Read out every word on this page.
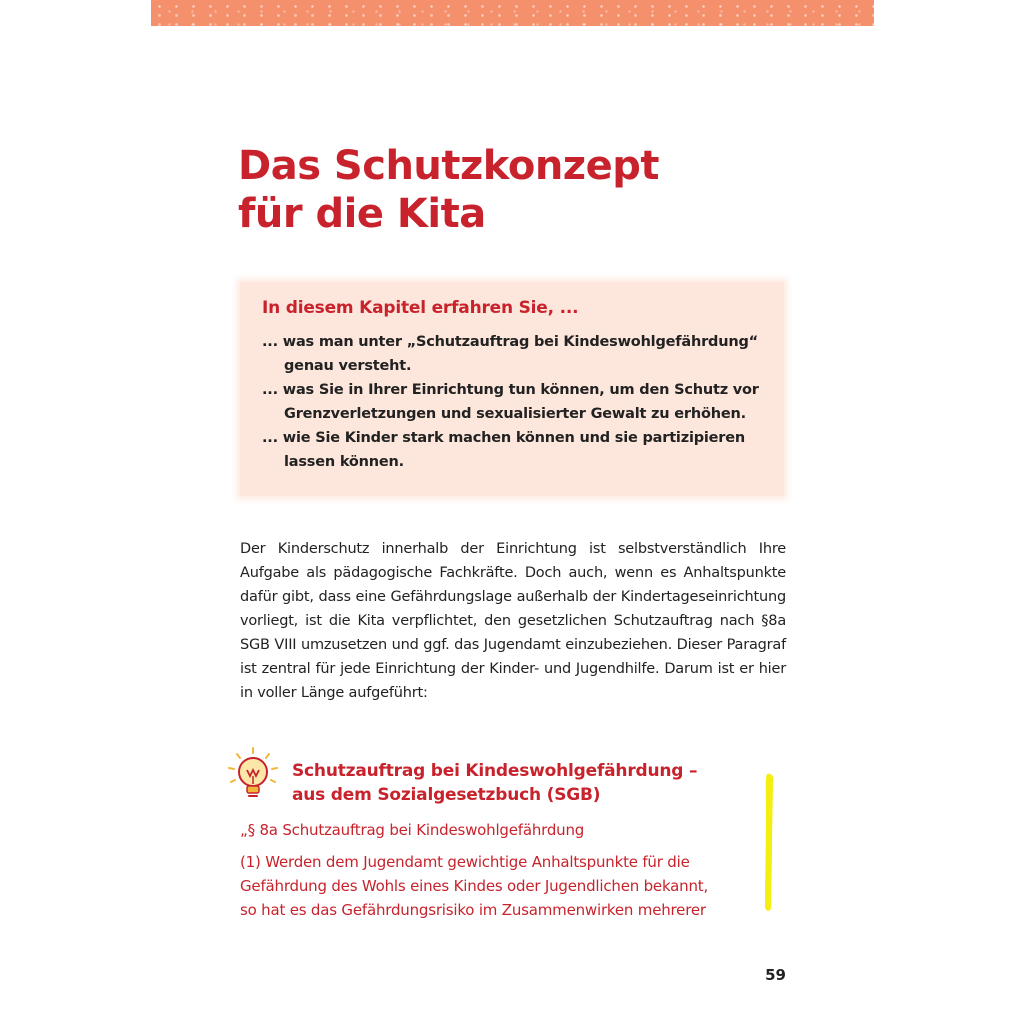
Das Schutzkonzept
für die Kita
In diesem Kapitel erfahren Sie, ...
... was man unter „Schutzauftrag bei Kindeswohlgefährdung“ genau versteht.
... was Sie in Ihrer Einrichtung tun können, um den Schutz vor Grenzverletzungen und sexualisierter Gewalt zu erhöhen.
... wie Sie Kinder stark machen können und sie partizipieren lassen können.

Der Kinderschutz innerhalb der Einrichtung ist selbstverständlich Ihre Aufgabe als pädagogische Fachkräfte. Doch auch, wenn es Anhaltspunkte dafür gibt, dass eine Gefährdungslage außerhalb der Kindertageseinrichtung vorliegt, ist die Kita verpflichtet, den gesetzlichen Schutzauftrag nach §8a SGB VIII umzusetzen und ggf. das Jugendamt einzubeziehen. Dieser Paragraf ist zentral für jede Einrichtung der Kinder- und Jugendhilfe. Darum ist er hier in voller Länge aufgeführt:

Schutzauftrag bei Kindeswohlgefährdung –
aus dem Sozialgesetzbuch (SGB)

„§ 8a Schutzauftrag bei Kindeswohlgefährdung

(1) Werden dem Jugendamt gewichtige Anhaltspunkte für die
Gefährdung des Wohls eines Kindes oder Jugendlichen bekannt,
so hat es das Gefährdungsrisiko im Zusammenwirken mehrerer

59
